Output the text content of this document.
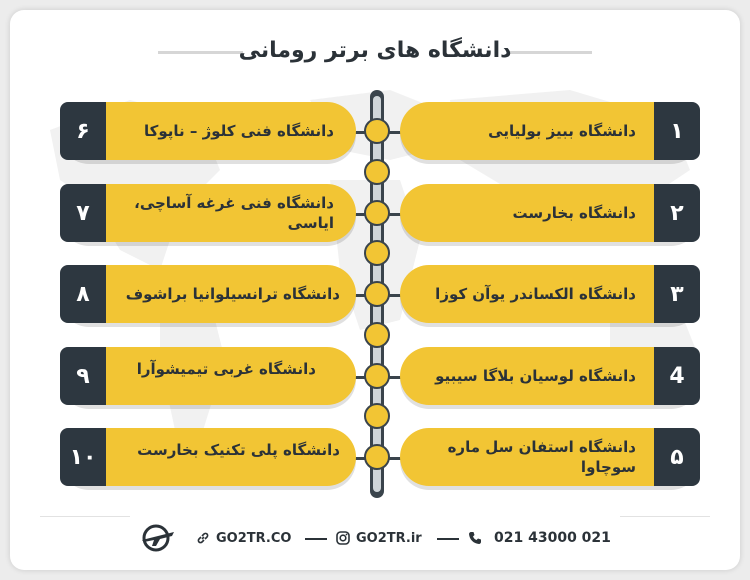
دانشگاه های برتر رومانی
۱
دانشگاه ببیز بولیایی
۲
دانشگاه بخارست
۳
دانشگاه الکساندر یوآن کوزا
4
دانشگاه لوسیان بلاگا سیبیو
۵
دانشگاه استفان سل ماره سوچاوا
۶	دانشگاه فنی کلوژ – ناپوکا
۷	دانشگاه فنی غرغه آساچی، ایاسی
۸	دانشگاه ترانسیلوانیا براشوف
۹	دانشگاه غربی تیمیشوآرا
۱۰	دانشگاه پلی تکنیک بخارست
GO2TR.CO	GO2TR.ir	021 43000 021
